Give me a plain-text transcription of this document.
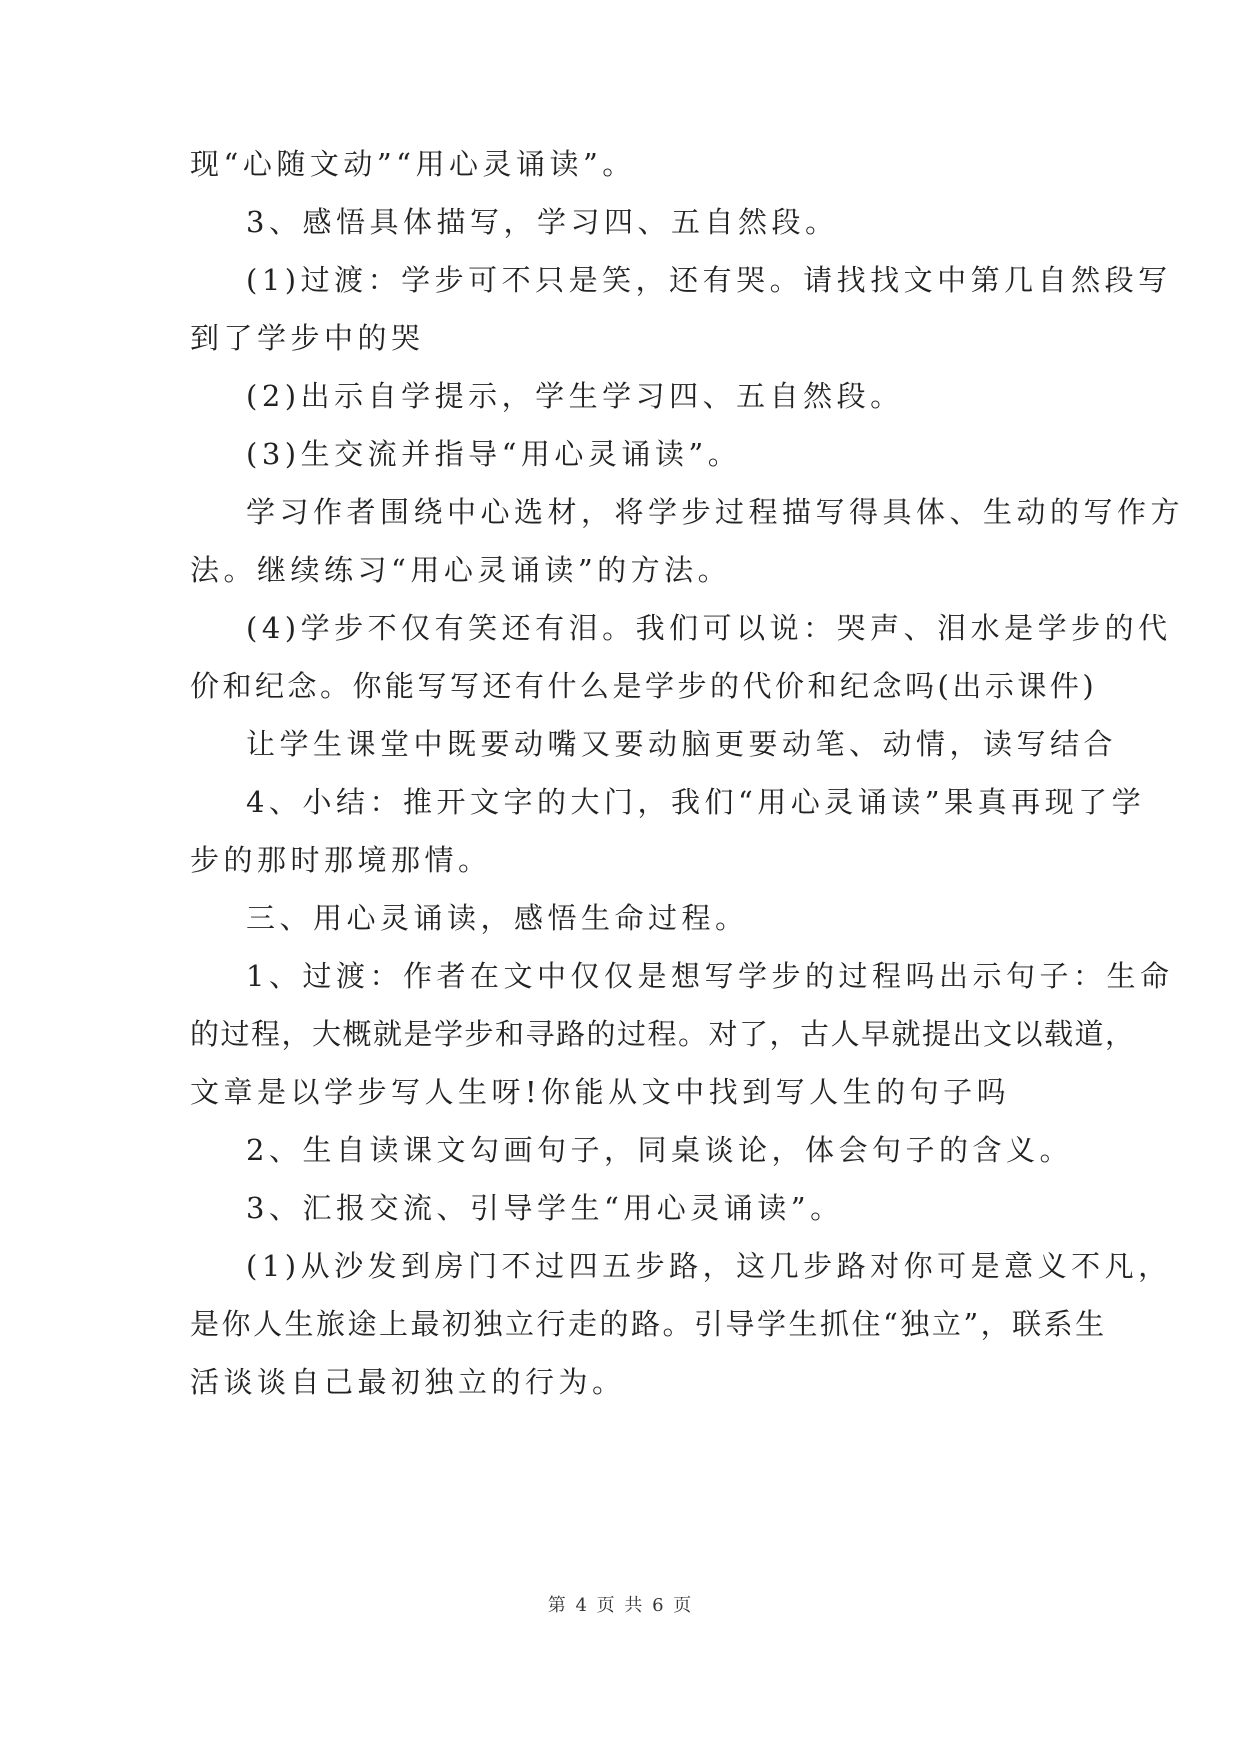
现“心随文动”“用心灵诵读”。
3、感悟具体描写，学习四、五自然段。
(1)过渡：学步可不只是笑，还有哭。请找找文中第几自然段写
到了学步中的哭
(2)出示自学提示，学生学习四、五自然段。
(3)生交流并指导“用心灵诵读”。
学习作者围绕中心选材，将学步过程描写得具体、生动的写作方
法。继续练习“用心灵诵读”的方法。
(4)学步不仅有笑还有泪。我们可以说：哭声、泪水是学步的代
价和纪念。你能写写还有什么是学步的代价和纪念吗(出示课件)
让学生课堂中既要动嘴又要动脑更要动笔、动情，读写结合
4、小结：推开文字的大门，我们“用心灵诵读”果真再现了学
步的那时那境那情。
三、用心灵诵读，感悟生命过程。
1、过渡：作者在文中仅仅是想写学步的过程吗出示句子：生命
的过程，大概就是学步和寻路的过程。对了，古人早就提出文以载道，
文章是以学步写人生呀!你能从文中找到写人生的句子吗
2、生自读课文勾画句子，同桌谈论，体会句子的含义。
3、汇报交流、引导学生“用心灵诵读”。
(1)从沙发到房门不过四五步路，这几步路对你可是意义不凡，
是你人生旅途上最初独立行走的路。引导学生抓住“独立”，联系生
活谈谈自己最初独立的行为。
第 4 页 共 6 页
